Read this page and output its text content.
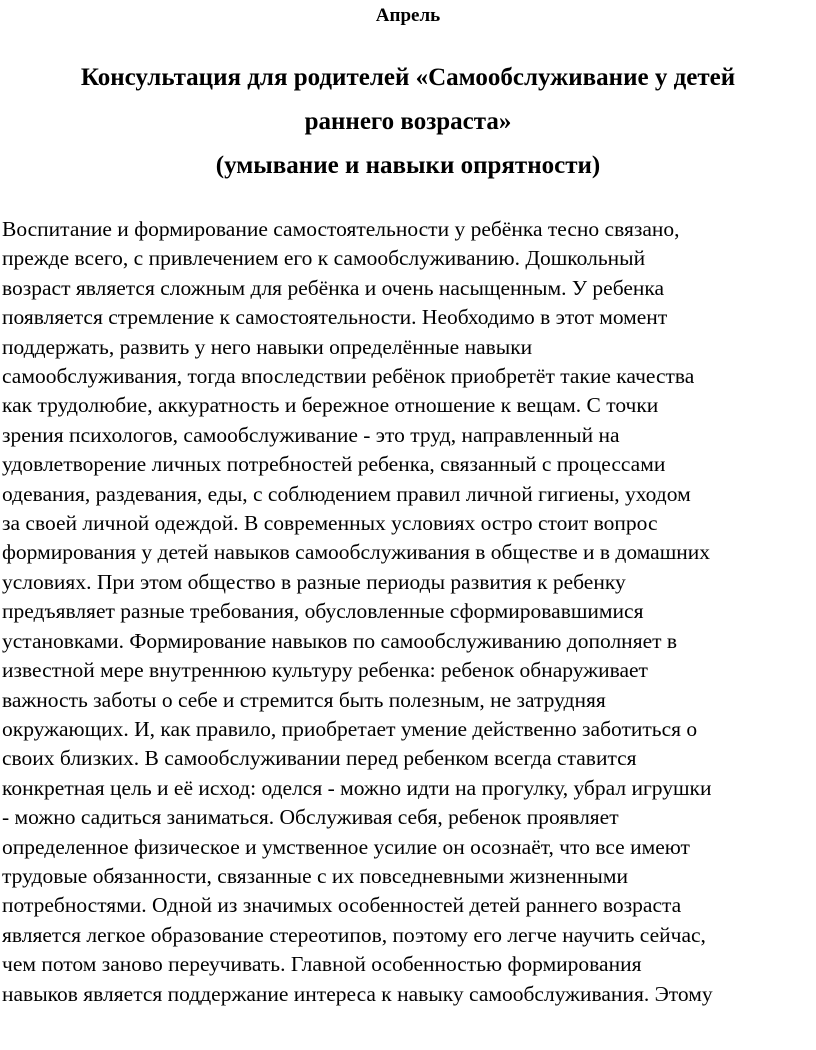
Апрель
Консультация для родителей «Самообслуживание у детей
раннего возраста»
(умывание и навыки опрятности)
Воспитание и формирование самостоятельности у ребёнка тесно связано,
прежде всего, с привлечением его к самообслуживанию. Дошкольный
возраст является сложным для ребёнка и очень насыщенным. У ребенка
появляется стремление к самостоятельности. Необходимо в этот момент
поддержать, развить у него навыки определённые навыки
самообслуживания, тогда впоследствии ребёнок приобретёт такие качества
как трудолюбие, аккуратность и бережное отношение к вещам. С точки
зрения психологов, самообслуживание - это труд, направленный на
удовлетворение личных потребностей ребенка, связанный с процессами
одевания, раздевания, еды, с соблюдением правил личной гигиены, уходом
за своей личной одеждой. В современных условиях остро стоит вопрос
формирования у детей навыков самообслуживания в обществе и в домашних
условиях. При этом общество в разные периоды развития к ребенку
предъявляет разные требования, обусловленные сформировавшимися
установками. Формирование навыков по самообслуживанию дополняет в
известной мере внутреннюю культуру ребенка: ребенок обнаруживает
важность заботы о себе и стремится быть полезным, не затрудняя
окружающих. И, как правило, приобретает умение действенно заботиться о
своих близких. В самообслуживании перед ребенком всегда ставится
конкретная цель и её исход: оделся - можно идти на прогулку, убрал игрушки
- можно садиться заниматься. Обслуживая себя, ребенок проявляет
определенное физическое и умственное усилие он осознаёт, что все имеют
трудовые обязанности, связанные с их повседневными жизненными
потребностями. Одной из значимых особенностей детей раннего возраста
является легкое образование стереотипов, поэтому его легче научить сейчас,
чем потом заново переучивать. Главной особенностью формирования
навыков является поддержание интереса к навыку самообслуживания. Этому
